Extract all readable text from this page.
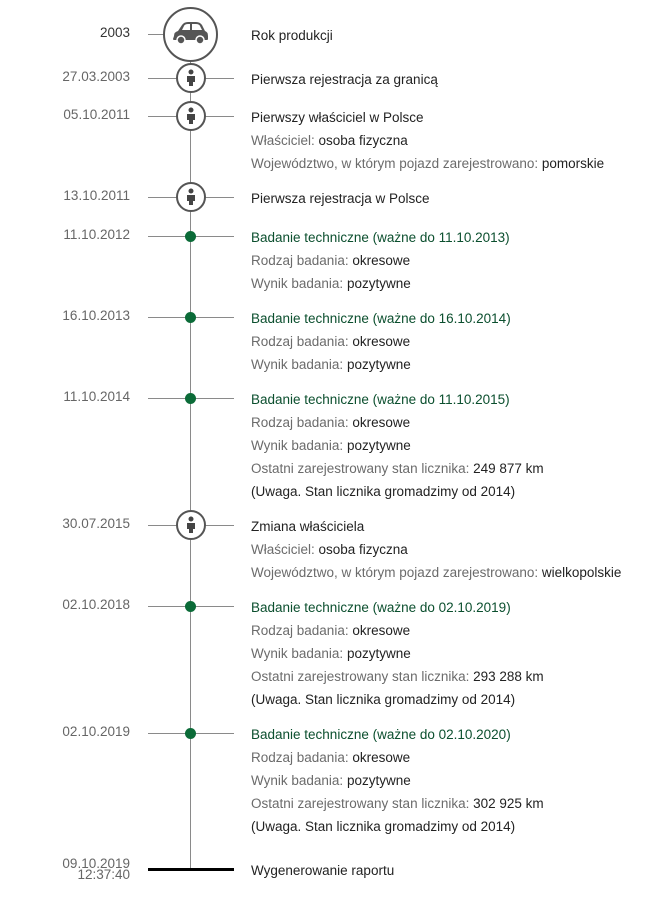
2003	Rok produkcji
27.03.2003	Pierwsza rejestracja za granicą
05.10.2011	Pierwszy właściciel w Polsce
Właściciel: osoba fizyczna
Województwo, w którym pojazd zarejestrowano: pomorskie
13.10.2011	Pierwsza rejestracja w Polsce
11.10.2012	Badanie techniczne (ważne do 11.10.2013)
Rodzaj badania: okresowe
Wynik badania: pozytywne
16.10.2013	Badanie techniczne (ważne do 16.10.2014)
Rodzaj badania: okresowe
Wynik badania: pozytywne
11.10.2014	Badanie techniczne (ważne do 11.10.2015)
Rodzaj badania: okresowe
Wynik badania: pozytywne
Ostatni zarejestrowany stan licznika: 249 877 km
(Uwaga. Stan licznika gromadzimy od 2014)
30.07.2015	Zmiana właściciela
Właściciel: osoba fizyczna
Województwo, w którym pojazd zarejestrowano: wielkopolskie
02.10.2018	Badanie techniczne (ważne do 02.10.2019)
Rodzaj badania: okresowe
Wynik badania: pozytywne
Ostatni zarejestrowany stan licznika: 293 288 km
(Uwaga. Stan licznika gromadzimy od 2014)
02.10.2019	Badanie techniczne (ważne do 02.10.2020)
Rodzaj badania: okresowe
Wynik badania: pozytywne
Ostatni zarejestrowany stan licznika: 302 925 km
(Uwaga. Stan licznika gromadzimy od 2014)
09.10.2019
12:37:40	Wygenerowanie raportu
